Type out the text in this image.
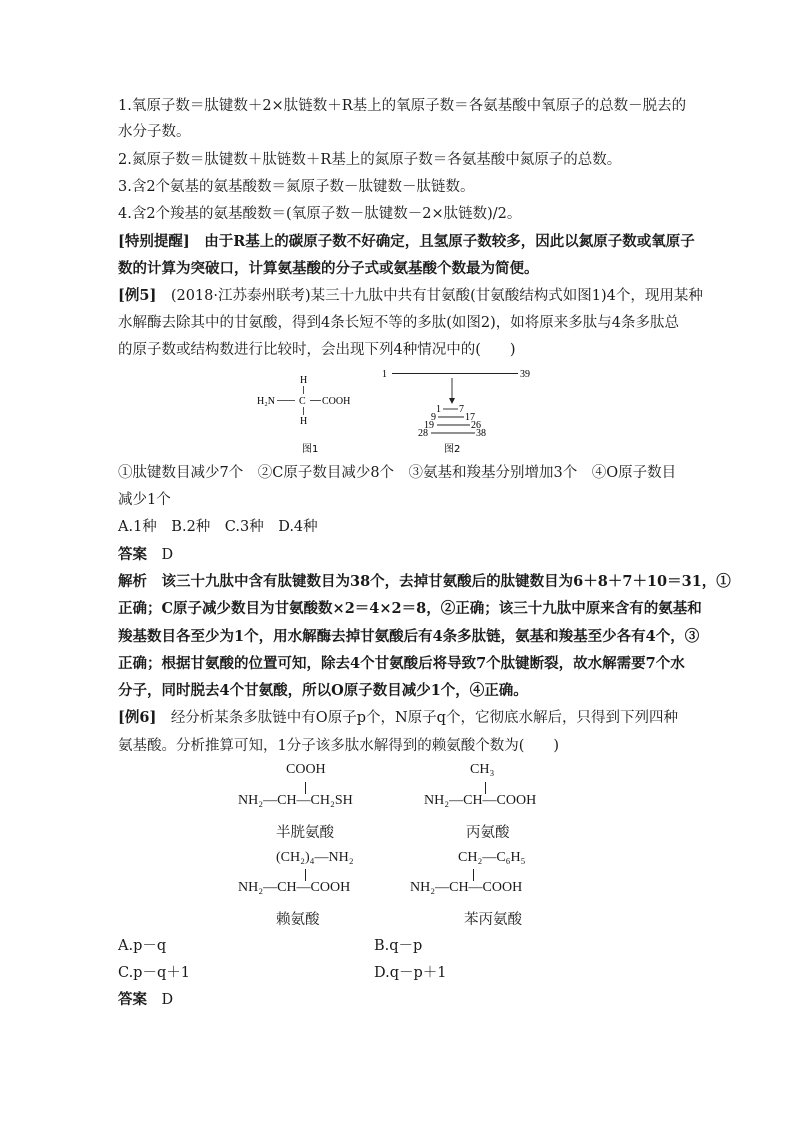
1.氧原子数＝肽键数＋2×肽链数＋R基上的氧原子数＝各氨基酸中氧原子的总数－脱去的
水分子数。
2.氮原子数＝肽键数＋肽链数＋R基上的氮原子数＝各氨基酸中氮原子的总数。
3.含2个氨基的氨基酸数＝氮原子数－肽键数－肽链数。
4.含2个羧基的氨基酸数＝(氧原子数－肽键数－2×肽链数)/2。
[特别提醒]　 由于R基上的碳原子数不好确定，且氢原子数较多，因此以氮原子数或氧原子
数的计算为突破口，计算氨基酸的分子式或氨基酸个数最为简便。
[例5]　 (2018·江苏泰州联考)某三十九肽中共有甘氨酸(甘氨酸结构式如图1)4个，现用某种
水解酶去除其中的甘氨酸，得到4条长短不等的多肽(如图2)，如将原来多肽与4条多肽总
的原子数或结构数进行比较时，会出现下列4种情况中的(　　)
H
H₂N C COOH
H
图1
1	39
1 7
9	17
19	26
28	38
图2
①肽键数目减少7个　②C原子数目减少8个　③氨基和羧基分别增加3个　④O原子数目
减少1个
A.1种　B.2种　C.3种　D.4种
答案　 D
解析　 该三十九肽中含有肽键数目为38个，去掉甘氨酸后的肽键数目为6＋8＋7＋10＝31，①
正确；C原子减少数目为甘氨酸数×2＝4×2＝8，②正确；该三十九肽中原来含有的氨基和
羧基数目各至少为1个，用水解酶去掉甘氨酸后有4条多肽链，氨基和羧基至少各有4个，③
正确；根据甘氨酸的位置可知，除去4个甘氨酸后将导致7个肽键断裂，故水解需要7个水
分子，同时脱去4个甘氨酸，所以O原子数目减少1个，④正确。
[例6]　 经分析某条多肽链中有O原子p个，N原子q个，它彻底水解后，只得到下列四种
氨基酸。分析推算可知，1分子该多肽水解得到的赖氨酸个数为(　　)
COOH
NH₂—CH—CH₂SH
半胱氨酸
CH₃
NH₂—CH—COOH
丙氨酸
(CH₂)₄—NH₂
NH₂—CH—COOH
赖氨酸
CH₂—C₆H₅
NH₂—CH—COOH
苯丙氨酸
A.p－q	B.q－p
C.p－q＋1	D.q－p＋1
答案　 D
